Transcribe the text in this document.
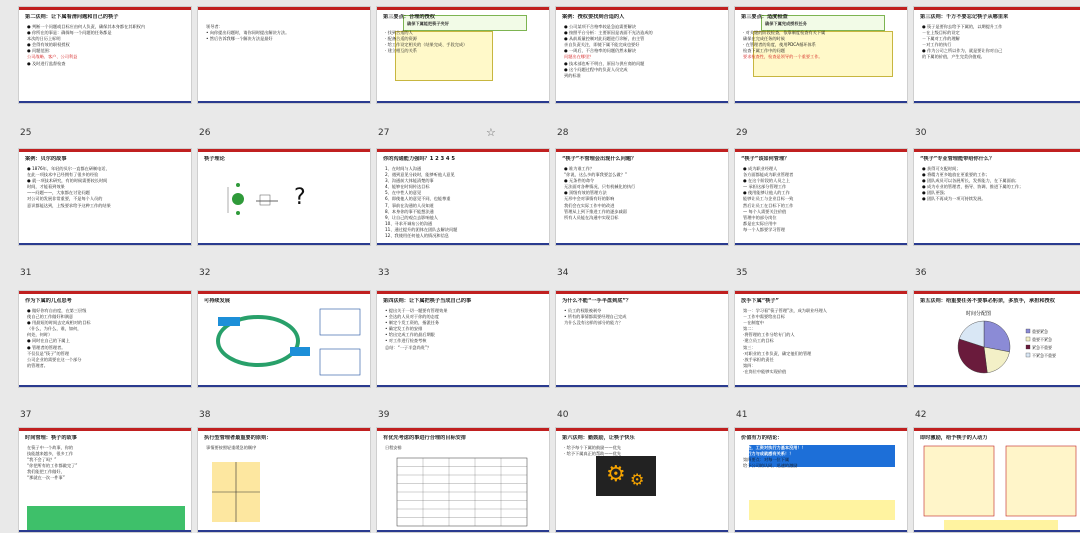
第二法则：让下属看清问题和自己的筷子
● 判断一个问题或目标应由何人负责，确保其本身都在其职权内
● 你所在的事是：确保每一个问题的任务都是
本次的日历上标明
● 会得有效的职权授权
● 问题范围：
公司战略、客户、公司利益
● 及时进行监督检查
25
领导者：
• 向你提出问题时，请你同时提出解决方法。
• 然后告诉我哪一个解决方法是最好
26
第三要点：合理的授权
确保下属能把筷子夹好
· 找到合适的人
· 配备合适的资源
· 给工作设定相关的（结果完成、手段完成）
· 建立相互的关系
27	☆
案例：授权要找到合适的人
● 公司某项不合格率较是急迫需要解决
● 按照平台分析：主要原因是表面不光洁造成的
● 从前质量控制对此问题进行诊断，由主管
亲自负责关注，即使下属不能完成也要好
● 一周后，不合格率的问题仍然未解决
问题出在哪里？
● 技术部也听不明白，原因与供应商的问题
● 这个问题过程中的负责人员完成
到的标准
28
第三要点：适度检查
确保下属完成授权任务
· 对关键的阶段检查，依靠制度检查有关下属
确保在完成任务的时候
· 在管理者的角度，使用PDCA循环体系
检查下属工作中的问题
要求检查性，检查是领导的一个重要工作。
29
第三法则：千万不要忘记筷子从哪里来
● 筷子是要你去给予下属的，以期提升工作
－在上级目标的设定
－下属对工作的理解
－对工作的执行
● 作为公司之所以作为，就是要让你对自己
的下属的价值，产生完美价值观。
30
案例：贝尔的故事
● 1876年，年轻的贝尔一直都在研制电话，
在此一项技术中已经拥有了很多的经验
● 就一项技术研究，有的时候需要较长时间
时间，才能看到效果
——问题——，大家都在讨论问题
对公司的发展非常重要，不是每个人员的
意识都能达到，上级要求给予这种工作的结果
31
筷子理论
?
32
你的沟通能力强吗？1 2 3 4 5
1、在时间与人沟通
2、遇到意见分歧时，能够听他人意见
3、沟通前大体能清楚的事
4、能够在时间传达目标
5、在中性人的意见
6、即使他人的意见不同，也能尊重
7、事前在沟通的人员知道
8、本身你的事不能想法通
9、让自己的观点去影响他人
10、寻求开诚布公的沟通
11、通过提升的团体在团队去解决问题
12、我使用任何他人的情况和信息
33
“筷子”不管理会出现什么问题？
● 谁为谁工作？
“你说，这么多的事我要怎么做？”
● 无条件的命令
无法面对各种情况，只有机械化的执行
● 顶级有效的管理方法
无形中会对事情有好的影响
我们会在实际工作中的改进
管理从上到下推进工作的逐步减弱
所有人员能在沟通中实现目标
34
“筷子”该如何管理？
● 成为职业经理人
各方面都能成为职业管理者
● 在这个阶段的人员之上
— 承担这部分管理工作
● 使用能够让他人的工作
能够让员工与企业目标一致
然后让员工在目标下的工作
— 每个人需要关注价值
管理中的部分岗位
都是在实际应用中
每一个人都要学习管理
35
“筷子”专业管理能带给你什么？
● 获得可支配时间；
● 将精力更多地放在更重要的工作；
● 团队成员可以各展所长，发挥能力，在下属面前；
● 成为专业的管理者，指导、协调、推进下属的工作；
● 团队更强；
● 团队不再成为一项可持续发展。
36
作为下属的几点思考
● 做好你有自由度，在第三层级
使自己的工作做好和满意
● 用最短的时间去完成相对的目标
（什么，为什么，谁，如何，
何处，何时）
● 同时在自己的下属上
● 管理者的管理者。
不仅仅是“筷子”的管理
公司企业的需要在这一个部分
的管理者。
37
可持续发展
38
第四法则：让下属把筷子当成自己的事
• 提出关于一切一题要有管理效果
• 会达的人员对于你的的态度
• 制定个发工资的，指派任务
• 确定发工作的安排
• 给出完成工作的最后期限
• 对工作进行检查考核
总结：“一子半盘尚贵”？
39
为什么不能“一手半盘到底”？
• 员工的权限被剥夺
• 所有的事情都需要经理自己完成
为什么没有这样的部分的能力？
40
放手下属“筷子”
第一：学习看“筷子管理”法，成为职业经理人
－工作中需要给出目标
－在制度中
第二：
·将管理的工作分给专门的人
·建立员工的目标
第三：
·对职业的工作负责，确定他们的管理
·放手承担的责任
第四：
·在岗位中能够实现价值
41
第五法则：给重要任务不要事必躬亲，多放手，承担和授权
重要紧急
重要不紧急
紧急不重要
不紧急不重要
时间分配图
42
时间管理：筷子的故事
在筷子中一个故事，你的
技能越来越多，很多工作
“我不会了吗？”
“你把所有的工作都做完了”
我们能把工作做好，
“那就在一次一件事”
执行型管理者最重要的原则：
事情要按照轻重缓急的顺序
有优先考虑的事进行合理的目标安排
日程安排
第六法则：勤鼓励，让筷子快乐
· 给予每个下属的鼓励——优先
· 给予下属真正的帮助——优先
⚙ ⚙
价值有万的结论：
那些，工资对执行力基本没用！！
执行力与成就感有关系！！
第四要点：对每一位下属
给予公司的认同，迅速的激励
即时激励，给予筷子的人动力
